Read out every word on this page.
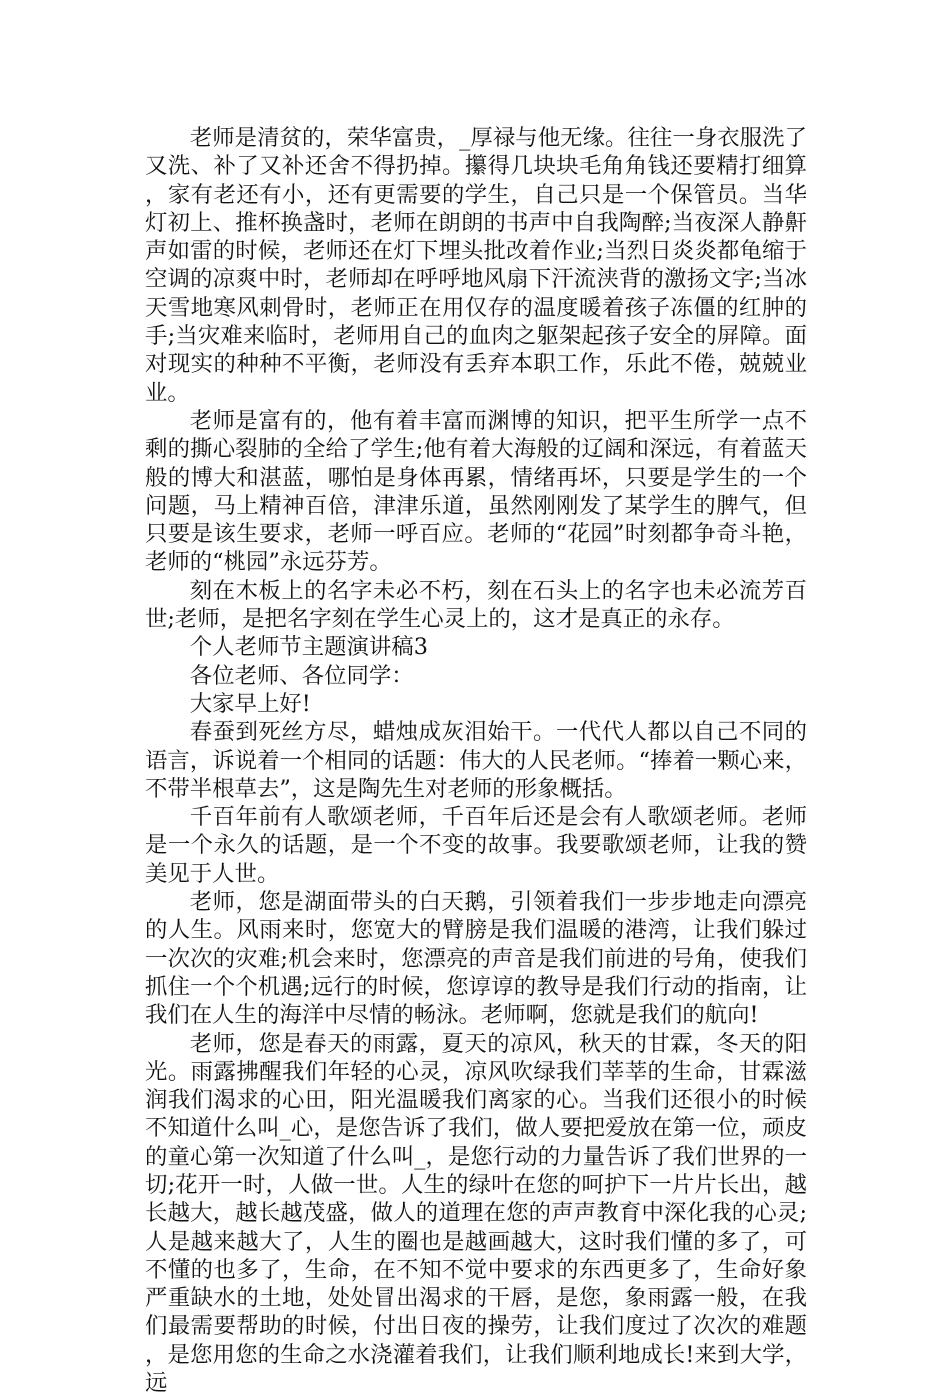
老师是清贫的，荣华富贵，_厚禄与他无缘。往往一身衣服洗了又洗、补了又补还舍不得扔掉。攥得几块块毛角角钱还要精打细算，家有老还有小，还有更需要的学生，自己只是一个保管员。当华灯初上、推杯换盏时，老师在朗朗的书声中自我陶醉;当夜深人静鼾声如雷的时候，老师还在灯下埋头批改着作业;当烈日炎炎都龟缩于空调的凉爽中时，老师却在呼呼地风扇下汗流浃背的激扬文字;当冰天雪地寒风刺骨时，老师正在用仅存的温度暖着孩子冻僵的红肿的手;当灾难来临时，老师用自己的血肉之躯架起孩子安全的屏障。面对现实的种种不平衡，老师没有丢弃本职工作，乐此不倦，兢兢业业。

老师是富有的，他有着丰富而渊博的知识，把平生所学一点不剩的撕心裂肺的全给了学生;他有着大海般的辽阔和深远，有着蓝天般的博大和湛蓝，哪怕是身体再累，情绪再坏，只要是学生的一个问题，马上精神百倍，津津乐道，虽然刚刚发了某学生的脾气，但只要是该生要求，老师一呼百应。老师的“花园”时刻都争奇斗艳，老师的“桃园”永远芬芳。

刻在木板上的名字未必不朽，刻在石头上的名字也未必流芳百世;老师，是把名字刻在学生心灵上的，这才是真正的永存。

个人老师节主题演讲稿3

各位老师、各位同学：

大家早上好!

春蚕到死丝方尽，蜡烛成灰泪始干。一代代人都以自己不同的语言，诉说着一个相同的话题：伟大的人民老师。“捧着一颗心来，不带半根草去”，这是陶先生对老师的形象概括。

千百年前有人歌颂老师，千百年后还是会有人歌颂老师。老师是一个永久的话题，是一个不变的故事。我要歌颂老师，让我的赞美见于人世。

老师，您是湖面带头的白天鹅，引领着我们一步步地走向漂亮的人生。风雨来时，您宽大的臂膀是我们温暖的港湾，让我们躲过一次次的灾难;机会来时，您漂亮的声音是我们前进的号角，使我们抓住一个个机遇;远行的时候，您谆谆的教导是我们行动的指南，让我们在人生的海洋中尽情的畅泳。老师啊，您就是我们的航向!

老师，您是春天的雨露，夏天的凉风，秋天的甘霖，冬天的阳光。雨露拂醒我们年轻的心灵，凉风吹绿我们莘莘的生命，甘霖滋润我们渴求的心田，阳光温暖我们离家的心。当我们还很小的时候不知道什么叫_心，是您告诉了我们，做人要把爱放在第一位，顽皮的童心第一次知道了什么叫_，是您行动的力量告诉了我们世界的一切;花开一时，人做一世。人生的绿叶在您的呵护下一片片长出，越长越大，越长越茂盛，做人的道理在您的声声教育中深化我的心灵;人是越来越大了，人生的圈也是越画越大，这时我们懂的多了，可不懂的也多了，生命，在不知不觉中要求的东西更多了，生命好象严重缺水的土地，处处冒出渴求的干唇，是您，象雨露一般，在我们最需要帮助的时候，付出日夜的操劳，让我们度过了次次的难题，是您用您的生命之水浇灌着我们，让我们顺利地成长!来到大学，远
